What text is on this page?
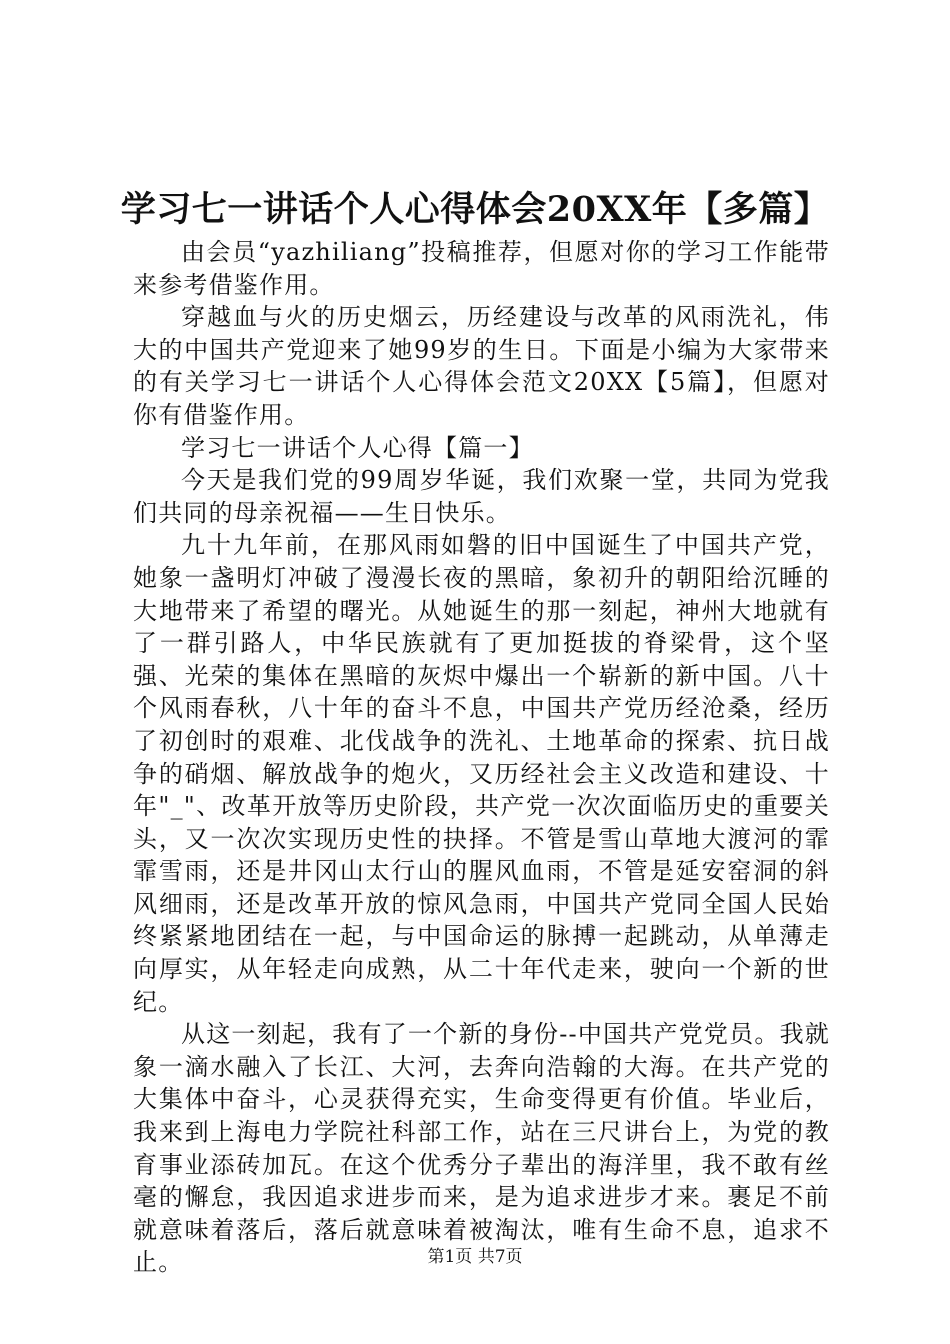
学习七一讲话个人心得体会20XX年【多篇】

由会员“yazhiliang”投稿推荐，但愿对你的学习工作能带来参考借鉴作用。

穿越血与火的历史烟云，历经建设与改革的风雨洗礼，伟大的中国共产党迎来了她99岁的生日。下面是小编为大家带来的有关学习七一讲话个人心得体会范文20XX【5篇】，但愿对你有借鉴作用。

学习七一讲话个人心得【篇一】

今天是我们党的99周岁华诞，我们欢聚一堂，共同为党我们共同的母亲祝福——生日快乐。

九十九年前，在那风雨如磐的旧中国诞生了中国共产党，她象一盏明灯冲破了漫漫长夜的黑暗，象初升的朝阳给沉睡的大地带来了希望的曙光。从她诞生的那一刻起，神州大地就有了一群引路人，中华民族就有了更加挺拔的脊梁骨，这个坚强、光荣的集体在黑暗的灰烬中爆出一个崭新的新中国。八十个风雨春秋，八十年的奋斗不息，中国共产党历经沧桑，经历了初创时的艰难、北伐战争的洗礼、土地革命的探索、抗日战争的硝烟、解放战争的炮火，又历经社会主义改造和建设、十年"_"、改革开放等历史阶段，共产党一次次面临历史的重要关头，又一次次实现历史性的抉择。不管是雪山草地大渡河的霏霏雪雨，还是井冈山太行山的腥风血雨，不管是延安窑洞的斜风细雨，还是改革开放的惊风急雨，中国共产党同全国人民始终紧紧地团结在一起，与中国命运的脉搏一起跳动，从单薄走向厚实，从年轻走向成熟，从二十年代走来，驶向一个新的世纪。

从这一刻起，我有了一个新的身份--中国共产党党员。我就象一滴水融入了长江、大河，去奔向浩翰的大海。在共产党的大集体中奋斗，心灵获得充实，生命变得更有价值。毕业后，我来到上海电力学院社科部工作，站在三尺讲台上，为党的教育事业添砖加瓦。在这个优秀分子辈出的海洋里，我不敢有丝毫的懈怠，我因追求进步而来，是为追求进步才来。裹足不前就意味着落后，落后就意味着被淘汰，唯有生命不息，追求不止。	第1页 共7页
